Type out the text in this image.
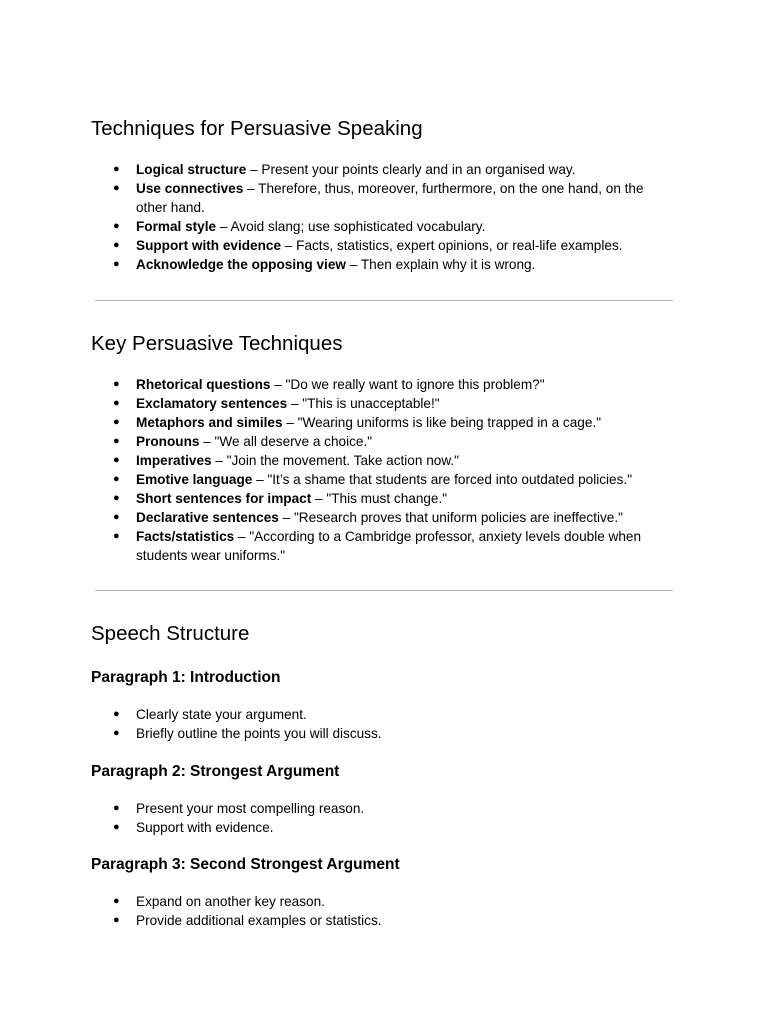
Techniques for Persuasive Speaking
● Logical structure – Present your points clearly and in an organised way.
● Use connectives – Therefore, thus, moreover, furthermore, on the one hand, on the other hand.
● Formal style – Avoid slang; use sophisticated vocabulary.
● Support with evidence – Facts, statistics, expert opinions, or real-life examples.
● Acknowledge the opposing view – Then explain why it is wrong.
Key Persuasive Techniques
● Rhetorical questions – "Do we really want to ignore this problem?"
● Exclamatory sentences – "This is unacceptable!"
● Metaphors and similes – "Wearing uniforms is like being trapped in a cage."
● Pronouns – "We all deserve a choice."
● Imperatives – "Join the movement. Take action now."
● Emotive language – "It’s a shame that students are forced into outdated policies."
● Short sentences for impact – "This must change."
● Declarative sentences – "Research proves that uniform policies are ineffective."
● Facts/statistics – "According to a Cambridge professor, anxiety levels double when students wear uniforms."
Speech Structure
Paragraph 1: Introduction
● Clearly state your argument.
● Briefly outline the points you will discuss.
Paragraph 2: Strongest Argument
● Present your most compelling reason.
● Support with evidence.
Paragraph 3: Second Strongest Argument
● Expand on another key reason.
● Provide additional examples or statistics.
